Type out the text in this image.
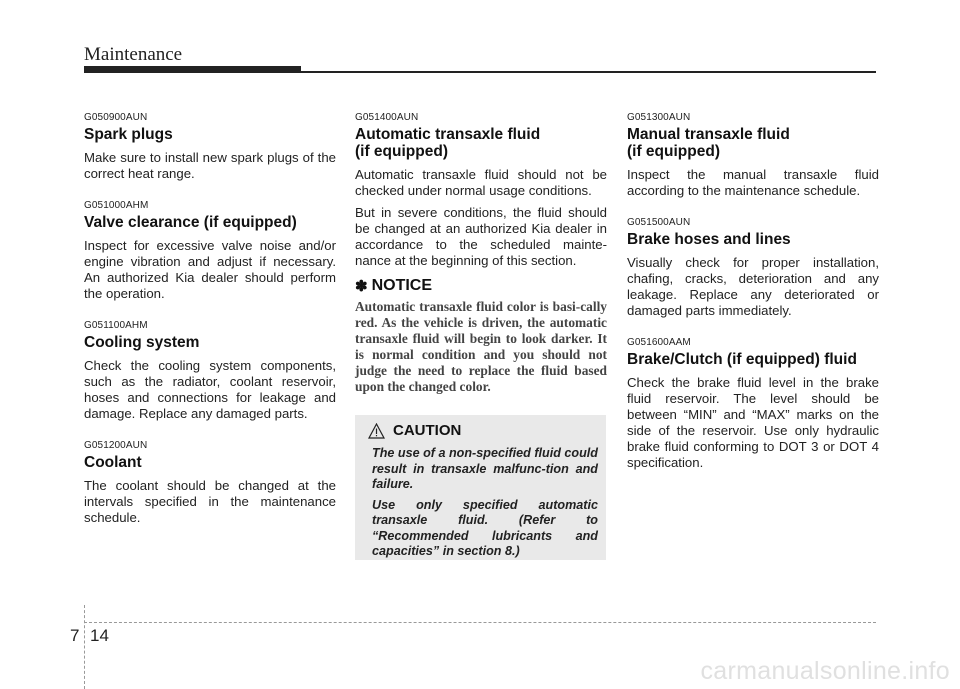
Maintenance
G050900AUN
Spark plugs

Make sure to install new spark plugs of the correct heat range.

G051000AHM
Valve clearance (if equipped)

Inspect for excessive valve noise and/or engine vibration and adjust if necessary. An authorized Kia dealer should perform the operation.

G051100AHM
Cooling system

Check the cooling system components, such as the radiator, coolant reservoir, hoses and connections for leakage and damage. Replace any damaged parts.

G051200AUN
Coolant

The coolant should be changed at the intervals specified in the maintenance schedule.

G051400AUN
Automatic transaxle fluid
(if equipped)

Automatic transaxle fluid should not be checked under normal usage conditions.

But in severe conditions, the fluid should be changed at an authorized Kia dealer in accordance to the scheduled mainte-nance at the beginning of this section.

✽ NOTICE

Automatic transaxle fluid color is basi-cally red. As the vehicle is driven, the automatic transaxle fluid will begin to look darker. It is normal condition and you should not judge the need to replace the fluid based upon the changed color.

CAUTION

The use of a non-specified fluid could result in transaxle malfunc-tion and failure.

Use only specified automatic transaxle fluid. (Refer to “Recommended lubricants and capacities” in section 8.)

G051300AUN
Manual transaxle fluid
(if equipped)

Inspect the manual transaxle fluid according to the maintenance schedule.

G051500AUN
Brake hoses and lines

Visually check for proper installation, chafing, cracks, deterioration and any leakage. Replace any deteriorated or damaged parts immediately.

G051600AAM
Brake/Clutch (if equipped) fluid

Check the brake fluid level in the brake fluid reservoir. The level should be between “MIN” and “MAX” marks on the side of the reservoir. Use only hydraulic brake fluid conforming to DOT 3 or DOT 4 specification.

7 14
carmanualsonline.info
